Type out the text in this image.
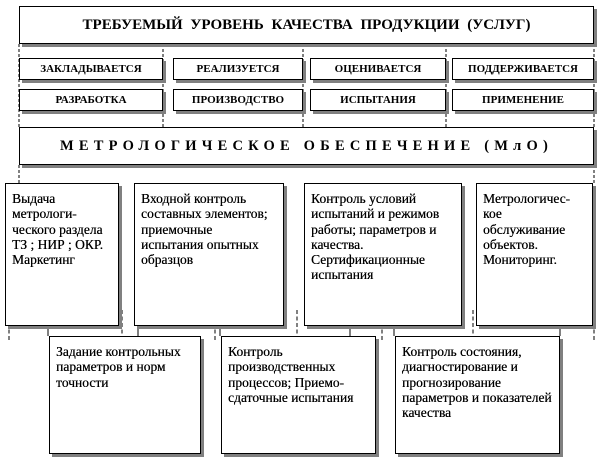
ТРЕБУЕМЫЙ УРОВЕНЬ КАЧЕСТВА ПРОДУКЦИИ (УСЛУГ)
ЗАКЛАДЫВАЕТСЯ	РЕАЛИЗУЕТСЯ	ОЦЕНИВАЕТСЯ	ПОДДЕРЖИВАЕТСЯ
РАЗРАБОТКА	ПРОИЗВОДСТВО	ИСПЫТАНИЯ	ПРИМЕНЕНИЕ
МЕТРОЛОГИЧЕСКОЕ ОБЕСПЕЧЕНИЕ (МлО)
Выдача метрологи-ческого раздела ТЗ ; НИР ; ОКР. Маркетинг
Входной контроль составных элементов; приемочные испытания опытных образцов
Контроль условий испытаний и режимов работы; параметров и качества. Сертификационные испытания
Метрологичес-кое обслуживание объектов. Мониторинг.
Задание контрольных параметров и норм точности
Контроль производственных процессов; Приемо-сдаточные испытания
Контроль состояния, диагностирование и прогнозирование параметров и показателей качества
